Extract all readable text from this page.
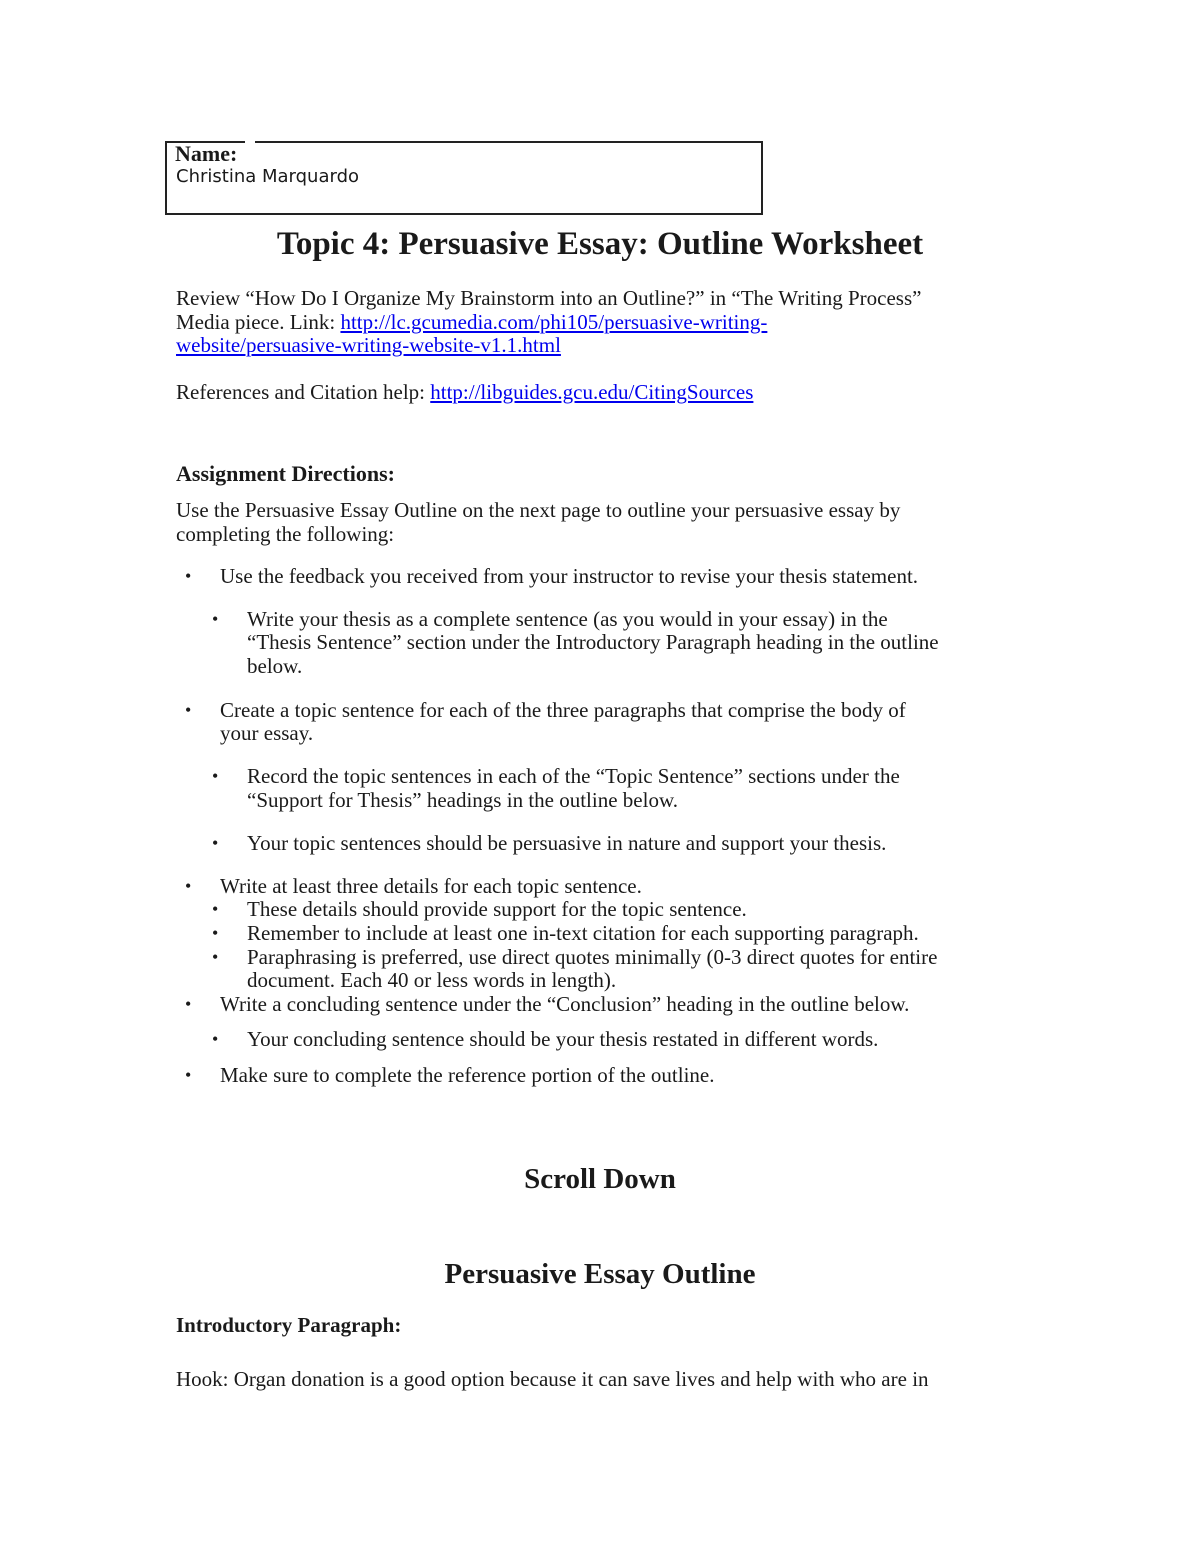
Name:
Christina Marquardo
Topic 4: Persuasive Essay: Outline Worksheet
Review “How Do I Organize My Brainstorm into an Outline?” in “The Writing Process”
Media piece. Link: http://lc.gcumedia.com/phi105/persuasive-writing-
website/persuasive-writing-website-v1.1.html
References and Citation help: http://libguides.gcu.edu/CitingSources
Assignment Directions:
Use the Persuasive Essay Outline on the next page to outline your persuasive essay by
completing the following:
• Use the feedback you received from your instructor to revise your thesis statement.
• Write your thesis as a complete sentence (as you would in your essay) in the
“Thesis Sentence” section under the Introductory Paragraph heading in the outline
below.
• Create a topic sentence for each of the three paragraphs that comprise the body of
your essay.
• Record the topic sentences in each of the “Topic Sentence” sections under the
“Support for Thesis” headings in the outline below.
• Your topic sentences should be persuasive in nature and support your thesis.
• Write at least three details for each topic sentence.
• These details should provide support for the topic sentence.
• Remember to include at least one in-text citation for each supporting paragraph.
• Paraphrasing is preferred, use direct quotes minimally (0-3 direct quotes for entire
document. Each 40 or less words in length).
• Write a concluding sentence under the “Conclusion” heading in the outline below.
• Your concluding sentence should be your thesis restated in different words.
• Make sure to complete the reference portion of the outline.
Scroll Down
Persuasive Essay Outline
Introductory Paragraph:
Hook: Organ donation is a good option because it can save lives and help with who are in
